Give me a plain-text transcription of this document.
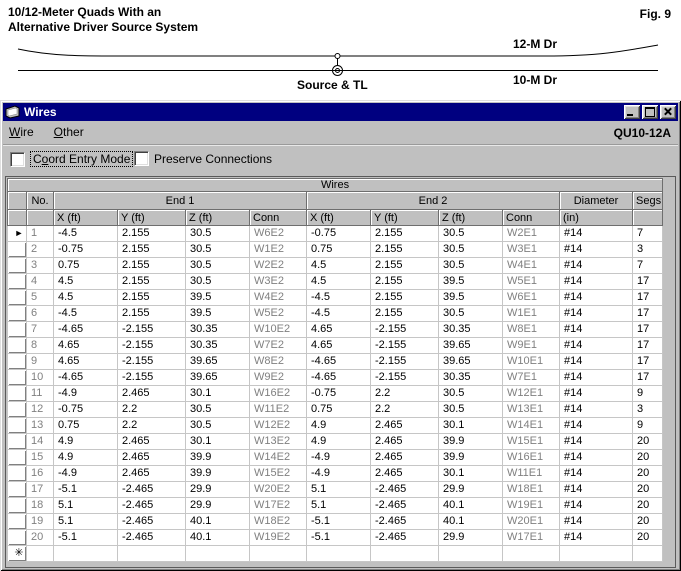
10/12-Meter Quads With an
Alternative Driver Source System
Fig. 9
12-M Dr
10-M Dr
Source & TL
Wires
Wire Other	QU10-12A
Coord Entry Mode Preserve Connections
Wires											
	No.	End 1				End 2				Diameter	Segs
		X (ft)	Y (ft)	Z (ft)	Conn	X (ft)	Y (ft)	Z (ft)	Conn	(in)	
►	1	-4.5	2.155	30.5	W6E2	-0.75	2.155	30.5	W2E1	#14	7
	2	-0.75	2.155	30.5	W1E2	0.75	2.155	30.5	W3E1	#14	3
	3	0.75	2.155	30.5	W2E2	4.5	2.155	30.5	W4E1	#14	7
	4	4.5	2.155	30.5	W3E2	4.5	2.155	39.5	W5E1	#14	17
	5	4.5	2.155	39.5	W4E2	-4.5	2.155	39.5	W6E1	#14	17
	6	-4.5	2.155	39.5	W5E2	-4.5	2.155	30.5	W1E1	#14	17
	7	-4.65	-2.155	30.35	W10E2	4.65	-2.155	30.35	W8E1	#14	17
	8	4.65	-2.155	30.35	W7E2	4.65	-2.155	39.65	W9E1	#14	17
	9	4.65	-2.155	39.65	W8E2	-4.65	-2.155	39.65	W10E1	#14	17
	10	-4.65	-2.155	39.65	W9E2	-4.65	-2.155	30.35	W7E1	#14	17
	11	-4.9	2.465	30.1	W16E2	-0.75	2.2	30.5	W12E1	#14	9
	12	-0.75	2.2	30.5	W11E2	0.75	2.2	30.5	W13E1	#14	3
	13	0.75	2.2	30.5	W12E2	4.9	2.465	30.1	W14E1	#14	9
	14	4.9	2.465	30.1	W13E2	4.9	2.465	39.9	W15E1	#14	20
	15	4.9	2.465	39.9	W14E2	-4.9	2.465	39.9	W16E1	#14	20
	16	-4.9	2.465	39.9	W15E2	-4.9	2.465	30.1	W11E1	#14	20
	17	-5.1	-2.465	29.9	W20E2	5.1	-2.465	29.9	W18E1	#14	20
	18	5.1	-2.465	29.9	W17E2	5.1	-2.465	40.1	W19E1	#14	20
	19	5.1	-2.465	40.1	W18E2	-5.1	-2.465	40.1	W20E1	#14	20
	20	-5.1	-2.465	40.1	W19E2	-5.1	-2.465	29.9	W17E1	#14	20
✳											
